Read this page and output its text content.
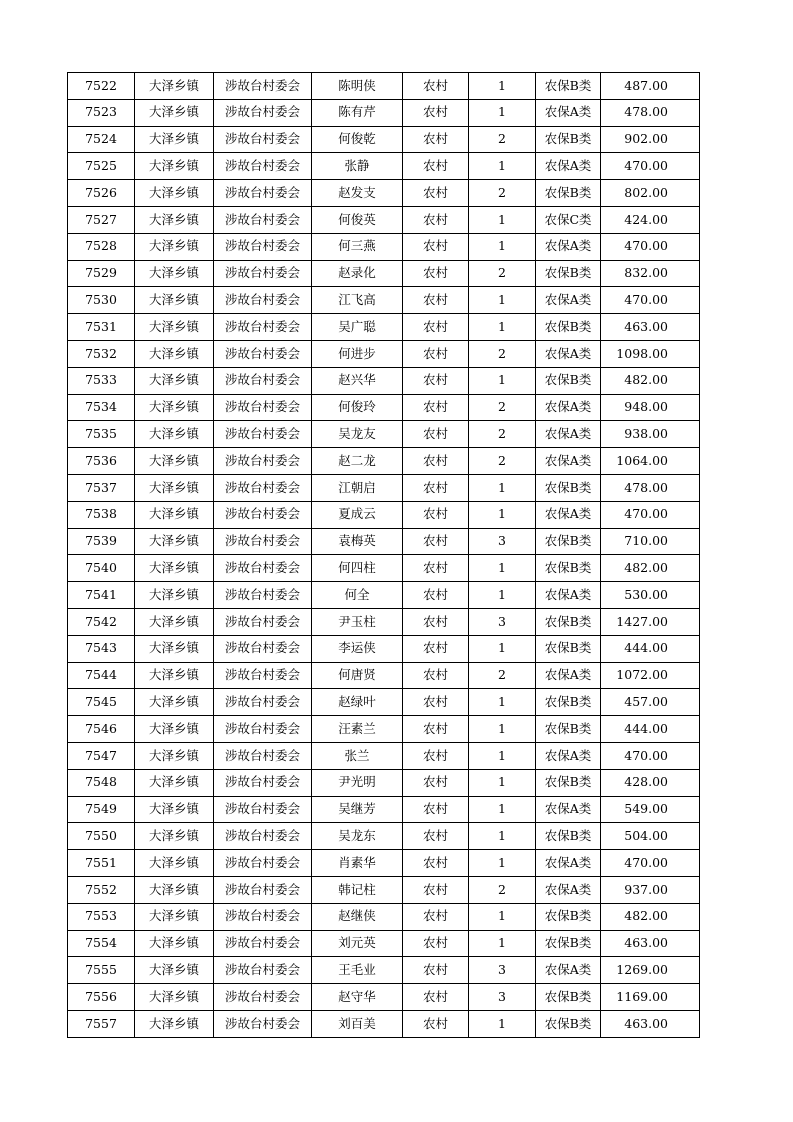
7522	大泽乡镇	涉故台村委会	陈明侠	农村	1	农保B类	487.00
7523	大泽乡镇	涉故台村委会	陈有芹	农村	1	农保A类	478.00
7524	大泽乡镇	涉故台村委会	何俊乾	农村	2	农保B类	902.00
7525	大泽乡镇	涉故台村委会	张静	农村	1	农保A类	470.00
7526	大泽乡镇	涉故台村委会	赵发支	农村	2	农保B类	802.00
7527	大泽乡镇	涉故台村委会	何俊英	农村	1	农保C类	424.00
7528	大泽乡镇	涉故台村委会	何三燕	农村	1	农保A类	470.00
7529	大泽乡镇	涉故台村委会	赵录化	农村	2	农保B类	832.00
7530	大泽乡镇	涉故台村委会	江飞高	农村	1	农保A类	470.00
7531	大泽乡镇	涉故台村委会	吴广聪	农村	1	农保B类	463.00
7532	大泽乡镇	涉故台村委会	何进步	农村	2	农保A类	1098.00
7533	大泽乡镇	涉故台村委会	赵兴华	农村	1	农保B类	482.00
7534	大泽乡镇	涉故台村委会	何俊玲	农村	2	农保A类	948.00
7535	大泽乡镇	涉故台村委会	吴龙友	农村	2	农保A类	938.00
7536	大泽乡镇	涉故台村委会	赵二龙	农村	2	农保A类	1064.00
7537	大泽乡镇	涉故台村委会	江朝启	农村	1	农保B类	478.00
7538	大泽乡镇	涉故台村委会	夏成云	农村	1	农保A类	470.00
7539	大泽乡镇	涉故台村委会	袁梅英	农村	3	农保B类	710.00
7540	大泽乡镇	涉故台村委会	何四柱	农村	1	农保B类	482.00
7541	大泽乡镇	涉故台村委会	何全	农村	1	农保A类	530.00
7542	大泽乡镇	涉故台村委会	尹玉柱	农村	3	农保B类	1427.00
7543	大泽乡镇	涉故台村委会	李运侠	农村	1	农保B类	444.00
7544	大泽乡镇	涉故台村委会	何唐贤	农村	2	农保A类	1072.00
7545	大泽乡镇	涉故台村委会	赵绿叶	农村	1	农保B类	457.00
7546	大泽乡镇	涉故台村委会	汪素兰	农村	1	农保B类	444.00
7547	大泽乡镇	涉故台村委会	张兰	农村	1	农保A类	470.00
7548	大泽乡镇	涉故台村委会	尹光明	农村	1	农保B类	428.00
7549	大泽乡镇	涉故台村委会	吴继芳	农村	1	农保A类	549.00
7550	大泽乡镇	涉故台村委会	吴龙东	农村	1	农保B类	504.00
7551	大泽乡镇	涉故台村委会	肖素华	农村	1	农保A类	470.00
7552	大泽乡镇	涉故台村委会	韩记柱	农村	2	农保A类	937.00
7553	大泽乡镇	涉故台村委会	赵继侠	农村	1	农保B类	482.00
7554	大泽乡镇	涉故台村委会	刘元英	农村	1	农保B类	463.00
7555	大泽乡镇	涉故台村委会	王毛业	农村	3	农保A类	1269.00
7556	大泽乡镇	涉故台村委会	赵守华	农村	3	农保B类	1169.00
7557	大泽乡镇	涉故台村委会	刘百美	农村	1	农保B类	463.00
